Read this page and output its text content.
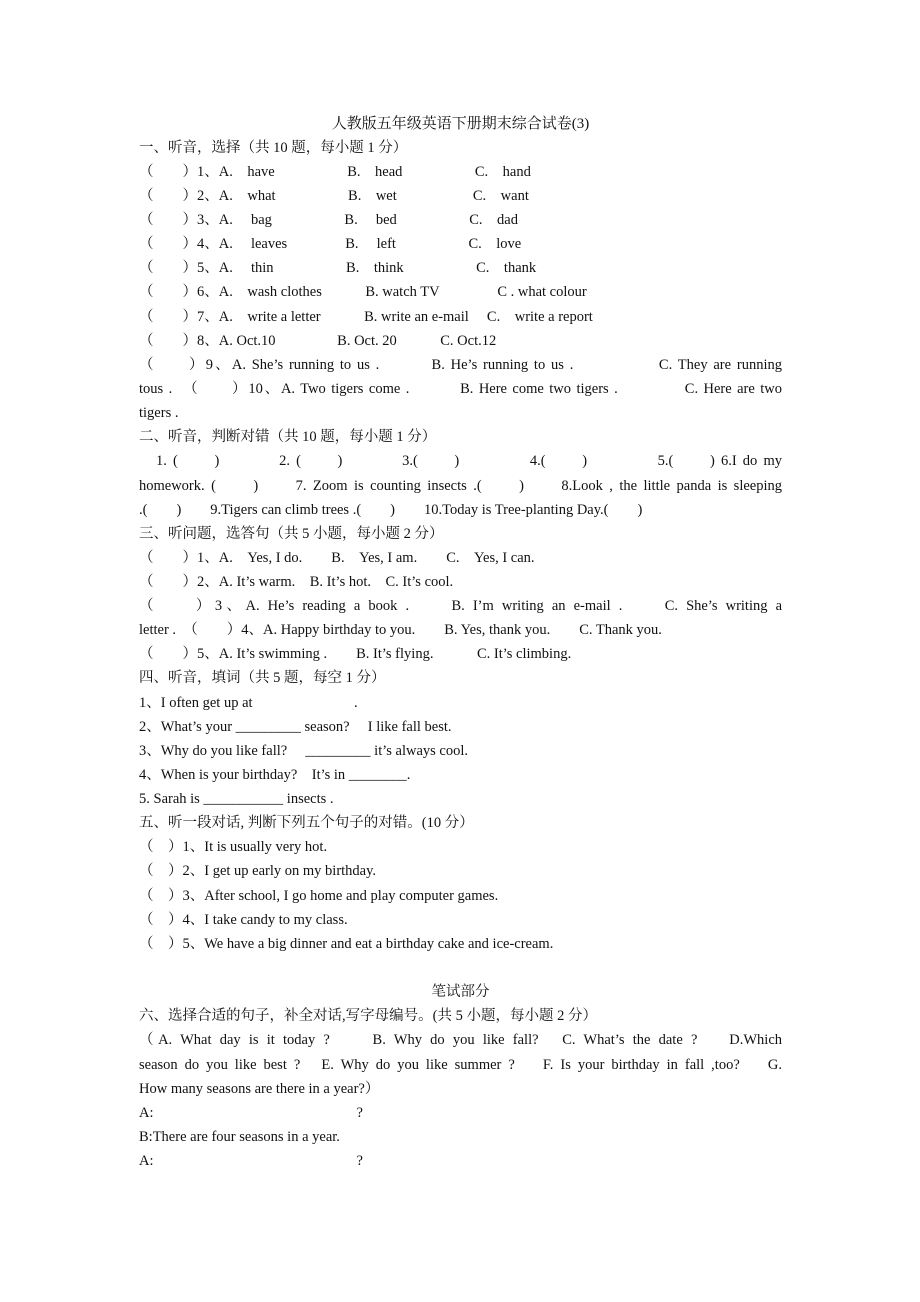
人教版五年级英语下册期末综合试卷(3)
一、听音，选择（共 10 题，每小题 1 分）
（　　）1、A.　have　　　　　B.　head　　　　　C.　hand
（　　）2、A.　what　　　　　B.　wet　　　　　 C.　want
（　　）3、A.　 bag　　　　　B.　 bed　　　　　C.　dad
（　　）4、A.　 leaves　　　　B.　 left　　　　　C.　love
（　　）5、A.　 thin　　　　　B.　think　　　　　C.　thank
（　　）6、A.　wash clothes　　　B. watch TV　　　　C . what colour
（　　）7、A.　write a letter　　　B. write an e-mail　 C.　write a report
（　　）8、A. Oct.10　　　　 B. Oct. 20　　　C. Oct.12
（　　）9、A. She’s running to us .　　　B. He’s running to us .　　　　　C. They are running
tous .　（　　）10、A. Two tigers come .　　　B. Here come two tigers .　　　　C. Here are two
tigers .
二、听音，判断对错（共 10 题，每小题 1 分）
　1. (　　)　　　 2. (　　)　　　 3.(　　)　　　　4.(　　)　　　　5.(　　) 6.I do my
homework. (　　)　　7. Zoom is counting insects .(　　)　　8.Look , the little panda is sleeping
.(　　)　　9.Tigers can climb trees .(　　)　　10.Today is Tree-planting Day.(　　)
三、听问题，选答句（共 5 小题，每小题 2 分）
（　　）1、A.　Yes, I do.　　B.　Yes, I am.　　C.　Yes, I can.
（　　）2、A. It’s warm.　B. It’s hot.　C. It’s cool.
（　　）3、A. He’s reading a book .　　B. I’m writing an e-mail .　　C. She’s writing a
letter .　（　　）4、A. Happy birthday to you.　　B. Yes, thank you.　　C. Thank you.
（　　）5、A. It’s swimming .　　B. It’s flying.　　　C. It’s climbing.
四、听音，填词（共 5 题，每空 1 分）
1、I often get up at　　　　　　　.
2、What’s your _________ season?　 I like fall best.
3、Why do you like fall?　 _________ it’s always cool.
4、When is your birthday?　It’s in ________.
5. Sarah is ___________ insects .
五、听一段对话, 判断下列五个句子的对错。(10 分）
（　）1、It is usually very hot.
（　）2、I get up early on my birthday.
（　）3、After school, I go home and play computer games.
（　）4、I take candy to my class.
（　）5、We have a big dinner and eat a birthday cake and ice-cream.
笔试部分
六、选择合适的句子，补全对话,写字母编号。(共 5 小题，每小题 2 分）
（A. What day is it today ?　　B. Why do you like fall?　C. What’s the date ?　 D.Which
season do you like best ?　E. Why do you like summer ?　 F. Is your birthday in fall ,too?　 G.
How many seasons are there in a year?）
A:　　　　　　　　　　　　　　?
B:There are four seasons in a year.
A:　　　　　　　　　　　　　　?
